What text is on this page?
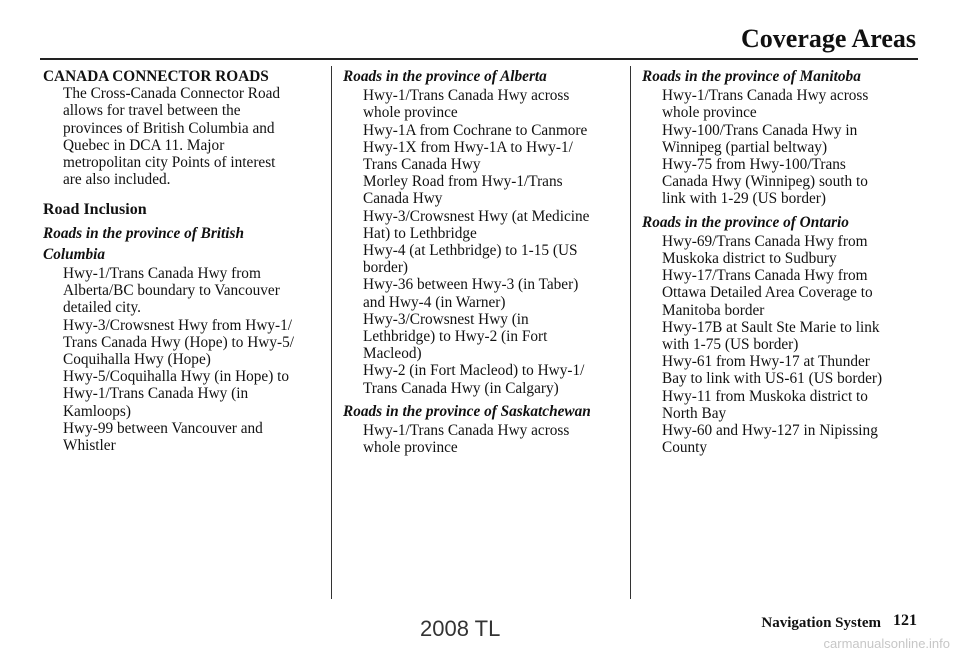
Coverage Areas

CANADA CONNECTOR ROADS

The Cross-Canada Connector Road

allows for travel between the

provinces of British Columbia and

Quebec in DCA 11. Major

metropolitan city Points of interest

are also included.

Road Inclusion

Roads in the province of British

Columbia

Hwy-1/Trans Canada Hwy from

Alberta/BC boundary to Vancouver

detailed city.

Hwy-3/Crowsnest Hwy from Hwy-1/

Trans Canada Hwy (Hope) to Hwy-5/

Coquihalla Hwy (Hope)

Hwy-5/Coquihalla Hwy (in Hope) to

Hwy-1/Trans Canada Hwy (in

Kamloops)

Hwy-99 between Vancouver and

Whistler

Roads in the province of Alberta

Hwy-1/Trans Canada Hwy across

whole province

Hwy-1A from Cochrane to Canmore

Hwy-1X from Hwy-1A to Hwy-1/

Trans Canada Hwy

Morley Road from Hwy-1/Trans

Canada Hwy

Hwy-3/Crowsnest Hwy (at Medicine

Hat) to Lethbridge

Hwy-4 (at Lethbridge) to 1-15 (US

border)

Hwy-36 between Hwy-3 (in Taber)

and Hwy-4 (in Warner)

Hwy-3/Crowsnest Hwy (in

Lethbridge) to Hwy-2 (in Fort

Macleod)

Hwy-2 (in Fort Macleod) to Hwy-1/

Trans Canada Hwy (in Calgary)

Roads in the province of Saskatchewan

Hwy-1/Trans Canada Hwy across

whole province

Roads in the province of Manitoba

Hwy-1/Trans Canada Hwy across

whole province

Hwy-100/Trans Canada Hwy in

Winnipeg (partial beltway)

Hwy-75 from Hwy-100/Trans

Canada Hwy (Winnipeg) south to

link with 1-29 (US border)

Roads in the province of Ontario

Hwy-69/Trans Canada Hwy from

Muskoka district to Sudbury

Hwy-17/Trans Canada Hwy from

Ottawa Detailed Area Coverage to

Manitoba border

Hwy-17B at Sault Ste Marie to link

with 1-75 (US border)

Hwy-61 from Hwy-17 at Thunder

Bay to link with US-61 (US border)

Hwy-11 from Muskoka district to

North Bay

Hwy-60 and Hwy-127 in Nipissing

County

2008 TL	Navigation System 121
carmanualsonline.info
